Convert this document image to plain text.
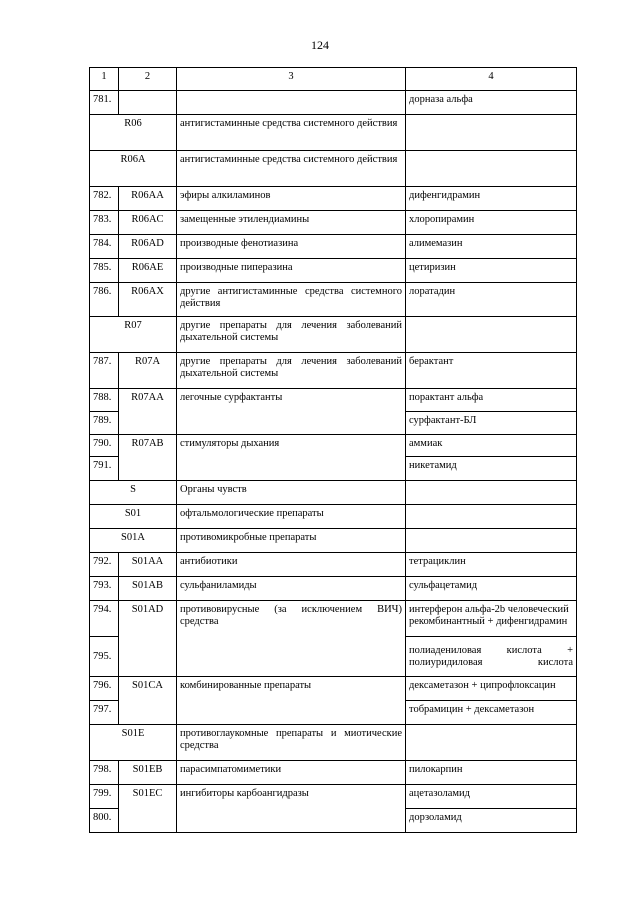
124
1	2	3	4
781.			дорназа альфа
R06		антигистаминные средства системного действия	
R06A		антигистаминные средства системного действия	
782.	R06AA	эфиры алкиламинов	дифенгидрамин
783.	R06AC	замещенные этилендиамины	хлоропирамин
784.	R06AD	производные фенотиазина	алимемазин
785.	R06AE	производные пиперазина	цетиризин
786.	R06AX	другие антигистаминные средства системного действия	лоратадин
R07		другие препараты для лечения заболеваний дыхательной системы	
787.	R07A	другие препараты для лечения заболеваний дыхательной системы	берактант
788.	R07AA	легочные сурфактанты	порактант альфа
789.			сурфактант-БЛ
790.	R07AB	стимуляторы дыхания	аммиак
791.			никетамид
S		Органы чувств	
S01		офтальмологические препараты	
S01A		противомикробные препараты	
792.	S01AA	антибиотики	тетрациклин
793.	S01AB	сульфаниламиды	сульфацетамид
794.	S01AD	противовирусные (за исключением ВИЧ) средства	интерферон альфа-2b человеческий рекомбинантный + дифенгидрамин
795.			полиадениловая кислота + полиуридиловая кислота
796.	S01CA	комбинированные препараты	дексаметазон + ципрофлоксацин
797.			тобрамицин + дексаметазон
S01E		противоглаукомные препараты и миотические средства	
798.	S01EB	парасимпатомиметики	пилокарпин
799.	S01EC	ингибиторы карбоангидразы	ацетазоламид
800.			дорзоламид
